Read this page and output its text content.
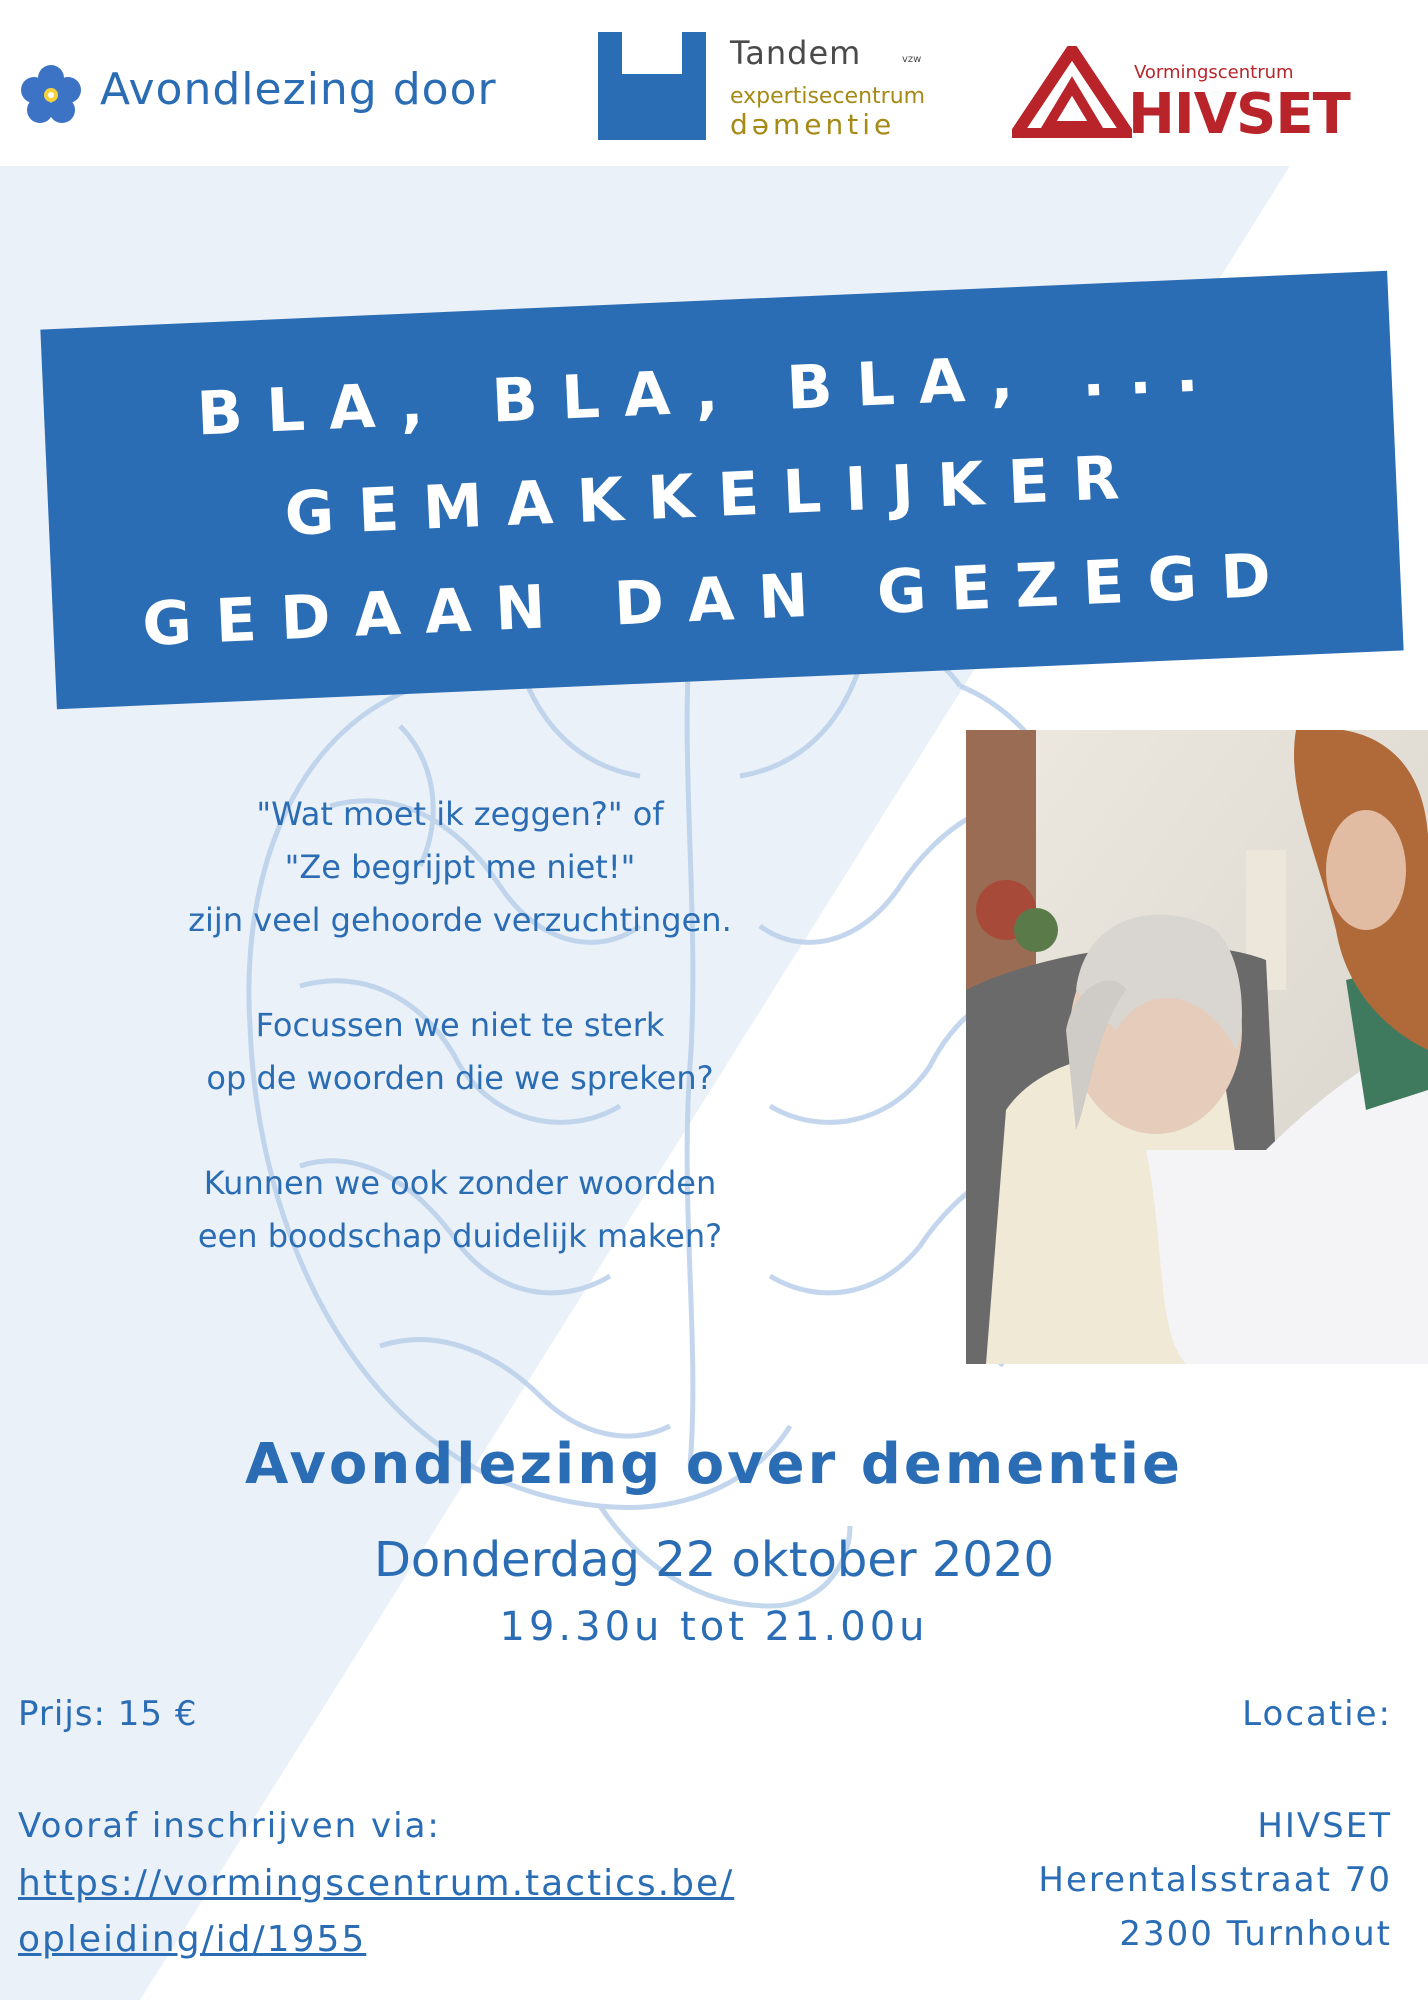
Avondlezing door
Tandem	vzw
expertisecentrum
dəmentie
Vormingscentrum
HIVSET
BLA, BLA, BLA, ...
GEMAKKELIJKER
GEDAAN DAN GEZEGD
"Wat moet ik zeggen?" of
"Ze begrijpt me niet!"
zijn veel gehoorde verzuchtingen.
Focussen we niet te sterk
op de woorden die we spreken?
Kunnen we ook zonder woorden
een boodschap duidelijk maken?
Avondlezing over dementie
Donderdag 22 oktober 2020
19.30u tot 21.00u
Prijs: 15 €
Vooraf inschrijven via:
https://vormingscentrum.tactics.be/
opleiding/id/1955
Locatie:
HIVSET
Herentalsstraat 70
2300 Turnhout
